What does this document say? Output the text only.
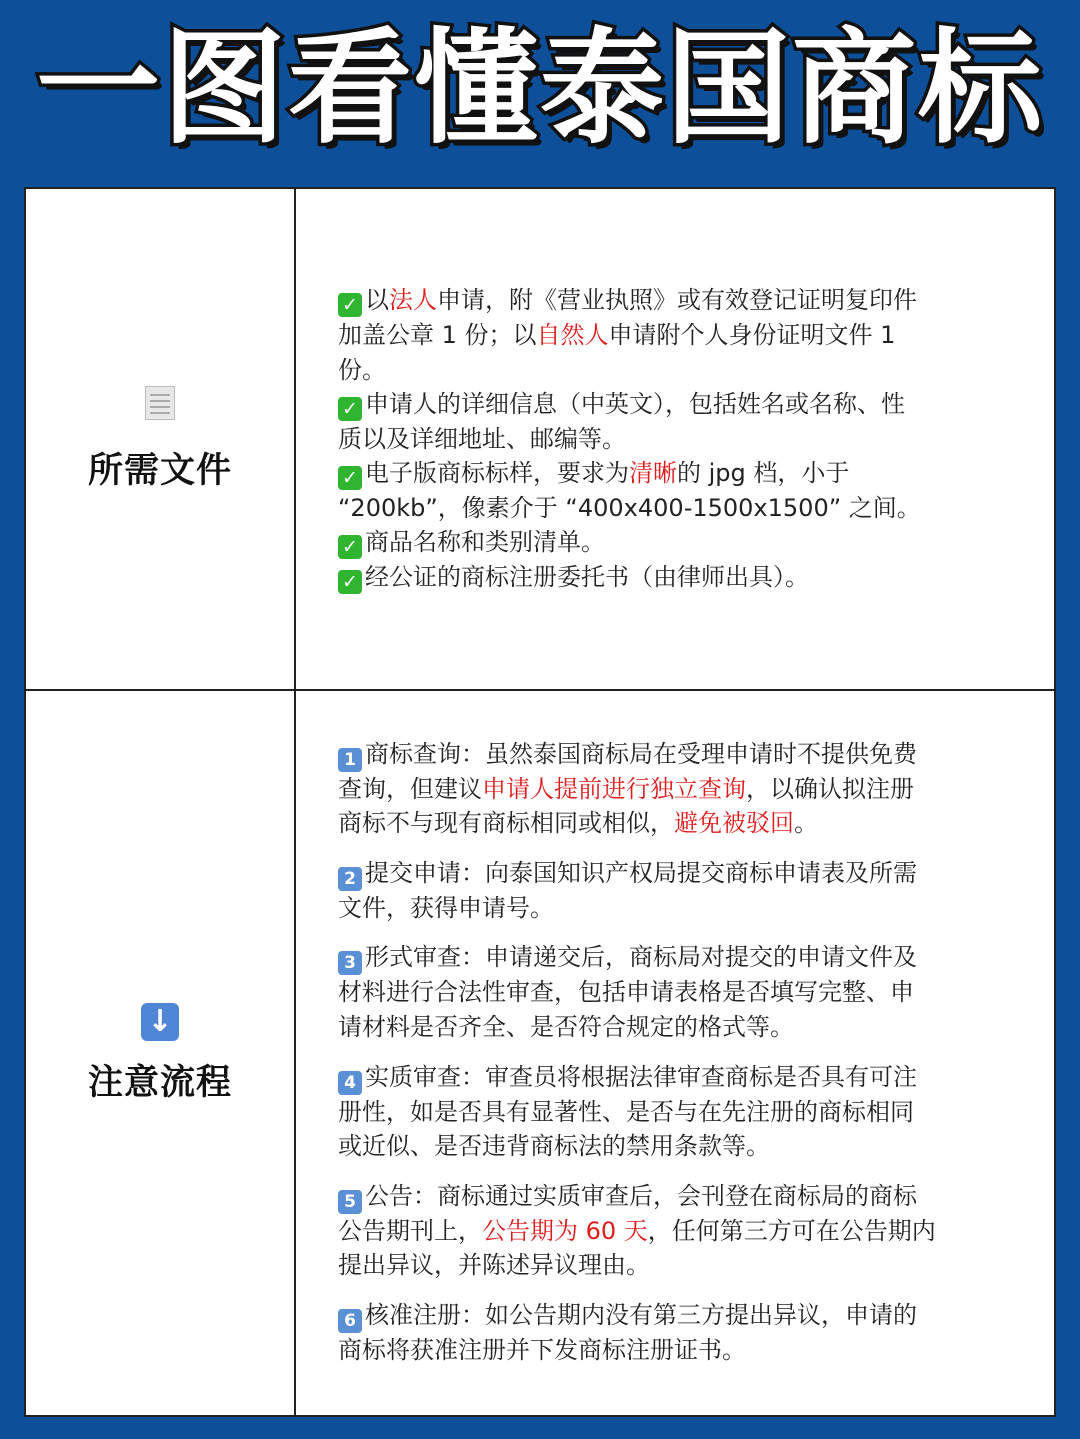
一图看懂泰国商标
所需文件
✓ 以法人申请，附《营业执照》或有效登记证明复印件
加盖公章 1 份；以自然人申请附个人身份证明文件 1
份。
✓ 申请人的详细信息（中英文），包括姓名或名称、性
质以及详细地址、邮编等。
✓ 电子版商标标样，要求为清晰的 jpg 档，小于
“200kb”，像素介于 “400x400-1500x1500” 之间。
✓ 商品名称和类别清单。
✓ 经公证的商标注册委托书（由律师出具）。
↓
注意流程
1 商标查询：虽然泰国商标局在受理申请时不提供免费
查询，但建议申请人提前进行独立查询，以确认拟注册
商标不与现有商标相同或相似，避免被驳回。
2 提交申请：向泰国知识产权局提交商标申请表及所需
文件，获得申请号。
3 形式审查：申请递交后，商标局对提交的申请文件及
材料进行合法性审查，包括申请表格是否填写完整、申
请材料是否齐全、是否符合规定的格式等。
4 实质审查：审查员将根据法律审查商标是否具有可注
册性，如是否具有显著性、是否与在先注册的商标相同
或近似、是否违背商标法的禁用条款等。
5 公告：商标通过实质审查后，会刊登在商标局的商标
公告期刊上，公告期为 60 天，任何第三方可在公告期内
提出异议，并陈述异议理由。
6 核准注册：如公告期内没有第三方提出异议，申请的
商标将获准注册并下发商标注册证书。
